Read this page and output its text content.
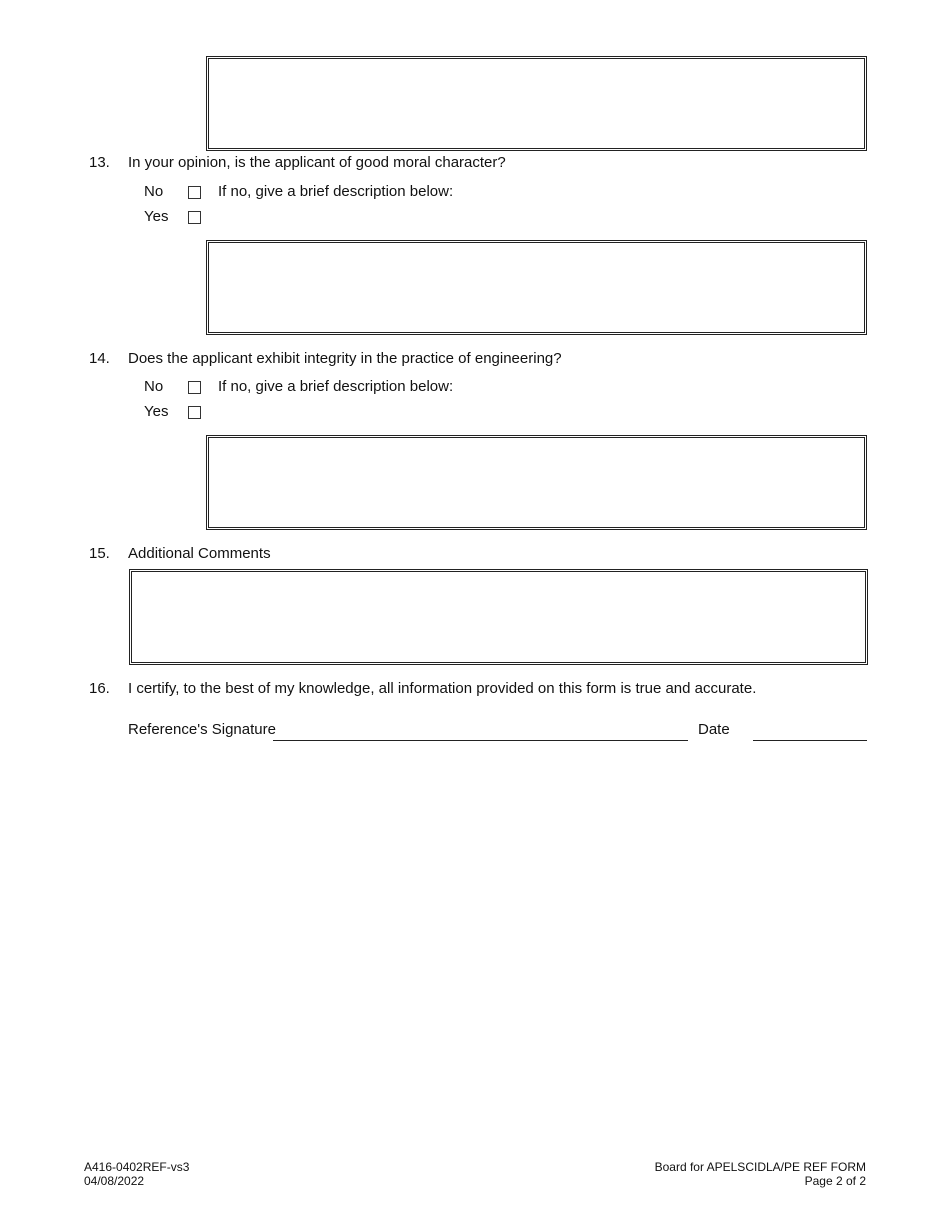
13. In your opinion, is the applicant of good moral character?
No	If no, give a brief description below:
Yes
14. Does the applicant exhibit integrity in the practice of engineering?
No	If no, give a brief description below:
Yes
15. Additional Comments
16. I certify, to the best of my knowledge, all information provided on this form is true and accurate.
Reference's Signature	Date
A416-0402REF-vs3
04/08/2022
Board for APELSCIDLA/PE REF FORM
Page 2 of 2
